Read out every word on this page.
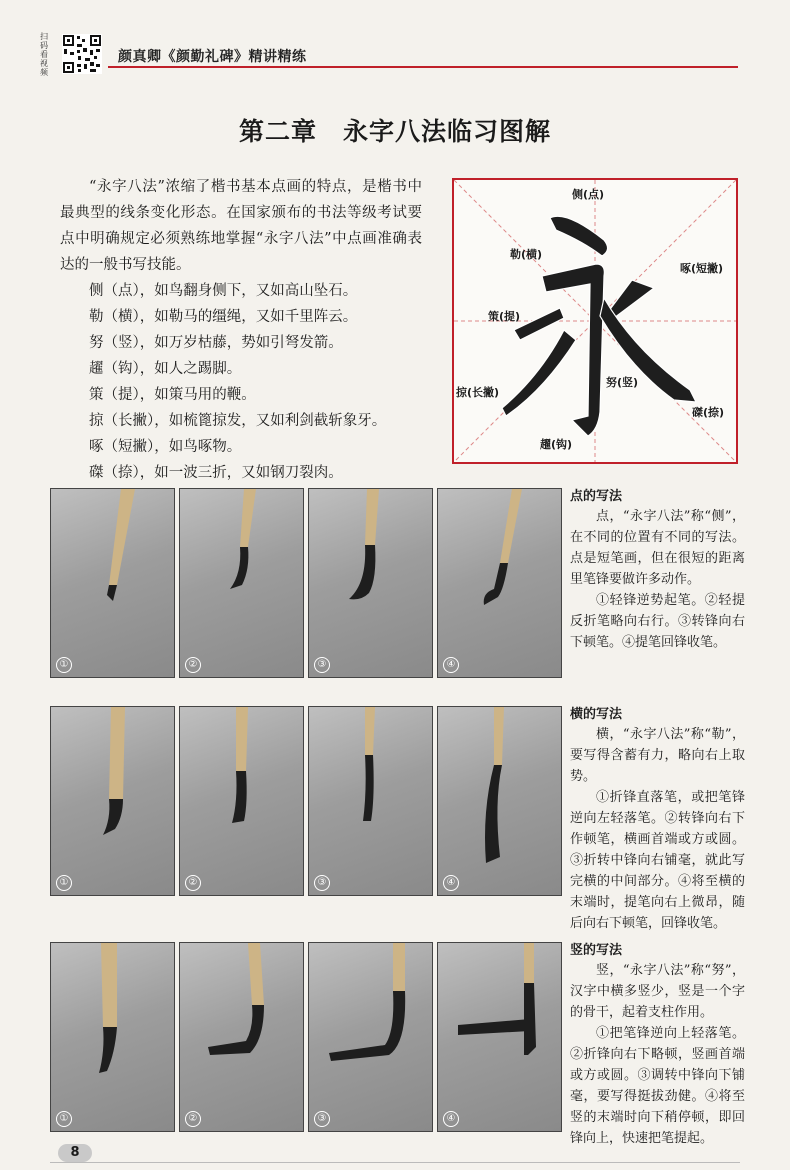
扫码看视频
颜真卿《颜勤礼碑》精讲精练
第二章　永字八法临习图解

“永字八法”浓缩了楷书基本点画的特点，是楷书中最典型的线条变化形态。在国家颁布的书法等级考试要点中明确规定必须熟练地掌握“永字八法”中点画准确表达的一般书写技能。

侧（点），如鸟翻身侧下，又如高山坠石。
勒（横），如勒马的缰绳，又如千里阵云。
努（竖），如万岁枯藤，势如引弩发箭。
趯（钩），如人之踢脚。
策（提），如策马用的鞭。
掠（长撇），如梳篦掠发，又如利剑截斩象牙。
啄（短撇），如鸟啄物。
磔（捺），如一波三折，又如钢刀裂肉。
侧(点)
勒(横)
啄(短撇)
策(提)
掠(长撇)
努(竖)
磔(捺)
趯(钩)
①	②	③	④
点的写法

点，“永字八法”称“侧”，在不同的位置有不同的写法。点是短笔画，但在很短的距离里笔锋要做许多动作。

①轻锋逆势起笔。②轻提反折笔略向右行。③转锋向右下顿笔。④提笔回锋收笔。

①	②	③	④
横的写法

横，“永字八法”称“勒”，要写得含蓄有力，略向右上取势。

①折锋直落笔，或把笔锋逆向左轻落笔。②转锋向右下作顿笔，横画首端或方或圆。③折转中锋向右铺毫，就此写完横的中间部分。④将至横的末端时，提笔向右上微昂，随后向右下顿笔，回锋收笔。

①	②	③	④
竖的写法

竖，“永字八法”称“努”，汉字中横多竖少，竖是一个字的骨干，起着支柱作用。

①把笔锋逆向上轻落笔。②折锋向右下略顿，竖画首端或方或圆。③调转中锋向下铺毫，要写得挺拔劲健。④将至竖的末端时向下稍停顿，即回锋向上，快速把笔提起。

8
